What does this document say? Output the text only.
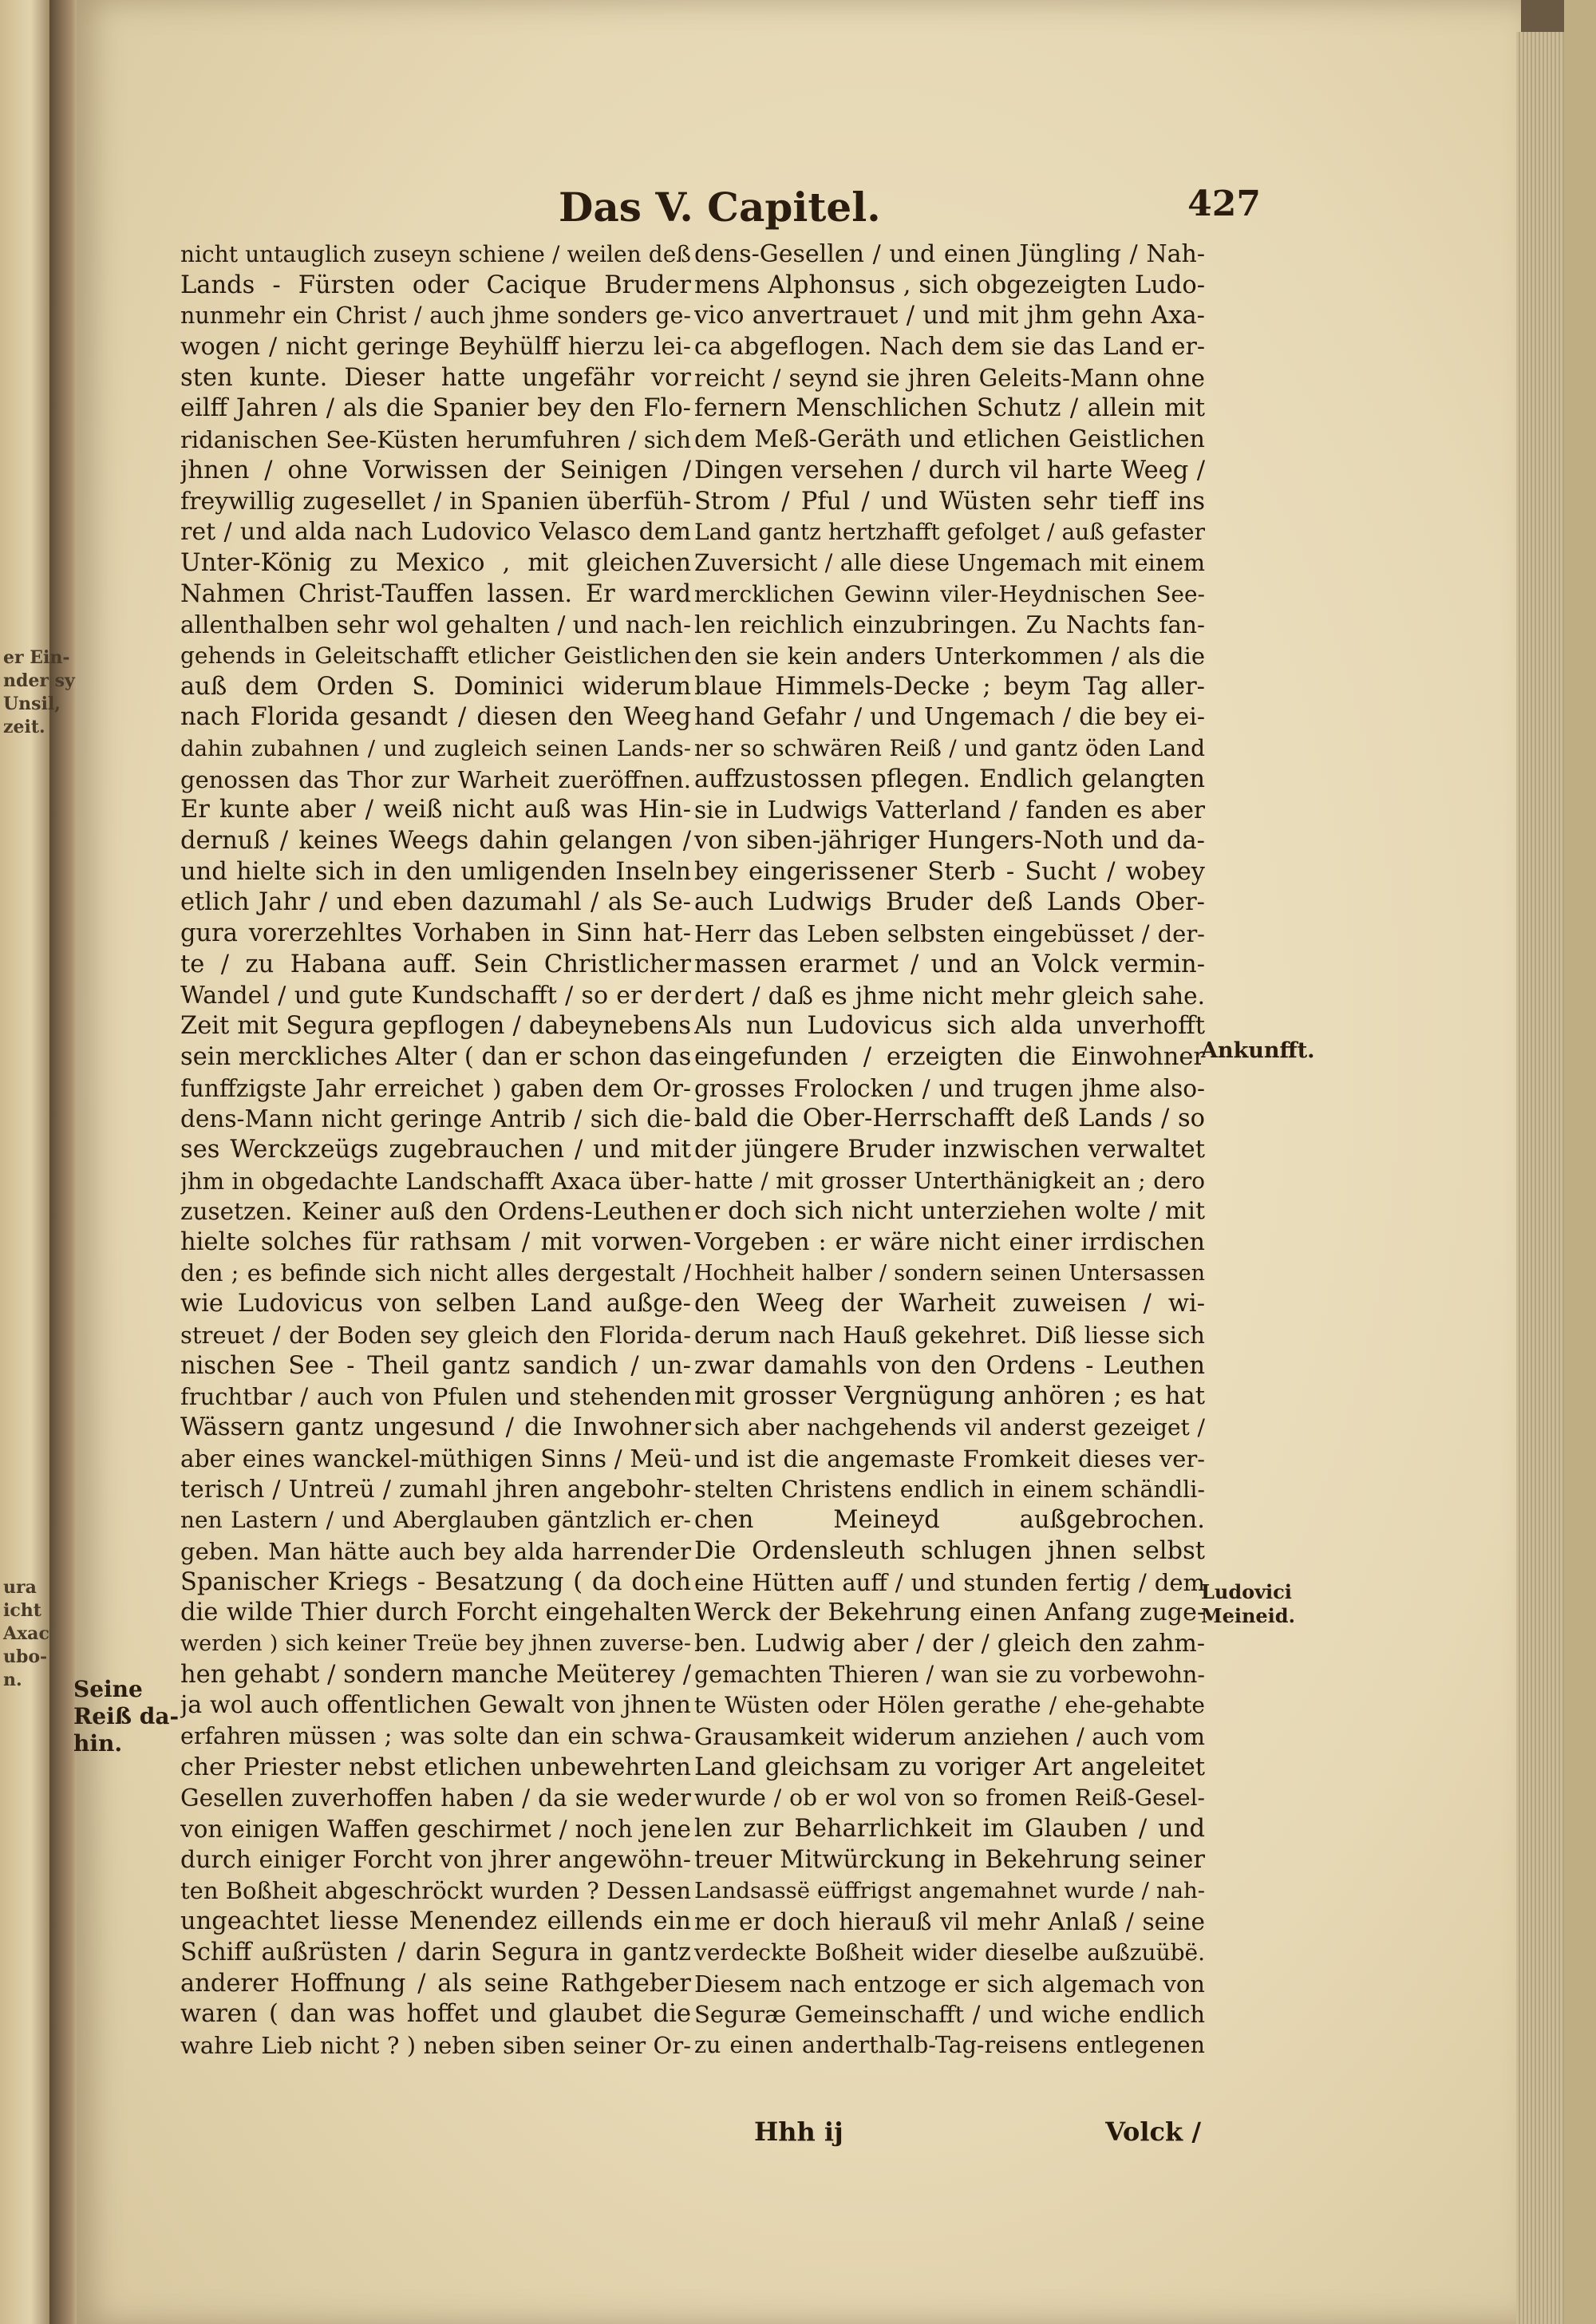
er Ein-
nder sy
Unsil,
zeit.
ura
icht
Axac
ubo-
n.
Das V. Capitel.	427
nicht untauglich zuseyn schiene / weilen deß
Lands - Fürsten oder Cacique Bruder
nunmehr ein Christ / auch jhme sonders ge-
wogen / nicht geringe Beyhülff hierzu lei-
sten kunte. Dieser hatte ungefähr vor
eilff Jahren / als die Spanier bey den Flo-
ridanischen See-Küsten herumfuhren / sich
jhnen / ohne Vorwissen der Seinigen /
freywillig zugesellet / in Spanien überfüh-
ret / und alda nach Ludovico Velasco dem
Unter-König zu Mexico , mit gleichen
Nahmen Christ-Tauffen lassen. Er ward
allenthalben sehr wol gehalten / und nach-
gehends in Geleitschafft etlicher Geistlichen
auß dem Orden S. Dominici widerum
nach Florida gesandt / diesen den Weeg
dahin zubahnen / und zugleich seinen Lands-
genossen das Thor zur Warheit zueröffnen.
Er kunte aber / weiß nicht auß was Hin-
dernuß / keines Weegs dahin gelangen /
und hielte sich in den umligenden Inseln
etlich Jahr / und eben dazumahl / als Se-
gura vorerzehltes Vorhaben in Sinn hat-
te / zu Habana auff. Sein Christlicher
Wandel / und gute Kundschafft / so er der
Zeit mit Segura gepflogen / dabeynebens
sein merckliches Alter ( dan er schon das
funffzigste Jahr erreichet ) gaben dem Or-
dens-Mann nicht geringe Antrib / sich die-
ses Werckzeügs zugebrauchen / und mit
jhm in obgedachte Landschafft Axaca über-
zusetzen. Keiner auß den Ordens-Leuthen
hielte solches für rathsam / mit vorwen-
den ; es befinde sich nicht alles dergestalt /
wie Ludovicus von selben Land außge-
streuet / der Boden sey gleich den Florida-
nischen See - Theil gantz sandich / un-
fruchtbar / auch von Pfulen und stehenden
Wässern gantz ungesund / die Inwohner
aber eines wanckel-müthigen Sinns / Meü-
terisch / Untreü / zumahl jhren angebohr-
nen Lastern / und Aberglauben gäntzlich er-
geben. Man hätte auch bey alda harrender
Spanischer Kriegs - Besatzung ( da doch
die wilde Thier durch Forcht eingehalten
werden ) sich keiner Treüe bey jhnen zuverse-
hen gehabt / sondern manche Meüterey /
ja wol auch offentlichen Gewalt von jhnen
erfahren müssen ; was solte dan ein schwa-
cher Priester nebst etlichen unbewehrten
Gesellen zuverhoffen haben / da sie weder
von einigen Waffen geschirmet / noch jene
durch einiger Forcht von jhrer angewöhn-
ten Boßheit abgeschröckt wurden ? Dessen
ungeachtet liesse Menendez eillends ein
Schiff außrüsten / darin Segura in gantz
anderer Hoffnung / als seine Rathgeber
waren ( dan was hoffet und glaubet die
wahre Lieb nicht ? ) neben siben seiner Or-
dens-Gesellen / und einen Jüngling / Nah-
mens Alphonsus , sich obgezeigten Ludo-
vico anvertrauet / und mit jhm gehn Axa-
ca abgeflogen. Nach dem sie das Land er-
reicht / seynd sie jhren Geleits-Mann ohne
fernern Menschlichen Schutz / allein mit
dem Meß-Geräth und etlichen Geistlichen
Dingen versehen / durch vil harte Weeg /
Strom / Pful / und Wüsten sehr tieff ins
Land gantz hertzhafft gefolget / auß gefaster
Zuversicht / alle diese Ungemach mit einem
mercklichen Gewinn viler-Heydnischen See-
len reichlich einzubringen. Zu Nachts fan-
den sie kein anders Unterkommen / als die
blaue Himmels-Decke ; beym Tag aller-
hand Gefahr / und Ungemach / die bey ei-
ner so schwären Reiß / und gantz öden Land
auffzustossen pflegen. Endlich gelangten
sie in Ludwigs Vatterland / fanden es aber
von siben-jähriger Hungers-Noth und da-
bey eingerissener Sterb - Sucht / wobey
auch Ludwigs Bruder deß Lands Ober-
Herr das Leben selbsten eingebüsset / der-
massen erarmet / und an Volck vermin-
dert / daß es jhme nicht mehr gleich sahe.
Als nun Ludovicus sich alda unverhofft
eingefunden / erzeigten die Einwohner
grosses Frolocken / und trugen jhme also-
bald die Ober-Herrschafft deß Lands / so
der jüngere Bruder inzwischen verwaltet
hatte / mit grosser Unterthänigkeit an ; dero
er doch sich nicht unterziehen wolte / mit
Vorgeben : er wäre nicht einer irrdischen
Hochheit halber / sondern seinen Untersassen
den Weeg der Warheit zuweisen / wi-
derum nach Hauß gekehret. Diß liesse sich
zwar damahls von den Ordens - Leuthen
mit grosser Vergnügung anhören ; es hat
sich aber nachgehends vil anderst gezeiget /
und ist die angemaste Fromkeit dieses ver-
stelten Christens endlich in einem schändli-
chen Meineyd außgebrochen.
Die Ordensleuth schlugen jhnen selbst
eine Hütten auff / und stunden fertig / dem
Werck der Bekehrung einen Anfang zuge-
ben. Ludwig aber / der / gleich den zahm-
gemachten Thieren / wan sie zu vorbewohn-
te Wüsten oder Hölen gerathe / ehe-gehabte
Grausamkeit widerum anziehen / auch vom
Land gleichsam zu voriger Art angeleitet
wurde / ob er wol von so fromen Reiß-Gesel-
len zur Beharrlichkeit im Glauben / und
treuer Mitwürckung in Bekehrung seiner
Landsassë eüffrigst angemahnet wurde / nah-
me er doch hierauß vil mehr Anlaß / seine
verdeckte Boßheit wider dieselbe außzuübë.
Diesem nach entzoge er sich algemach von
Seguræ Gemeinschafft / und wiche endlich
zu einen anderthalb-Tag-reisens entlegenen
Seine
Reiß da-
hin.
Ankunfft.
Ludovici
Meineid.
Hhh ij	Volck /
